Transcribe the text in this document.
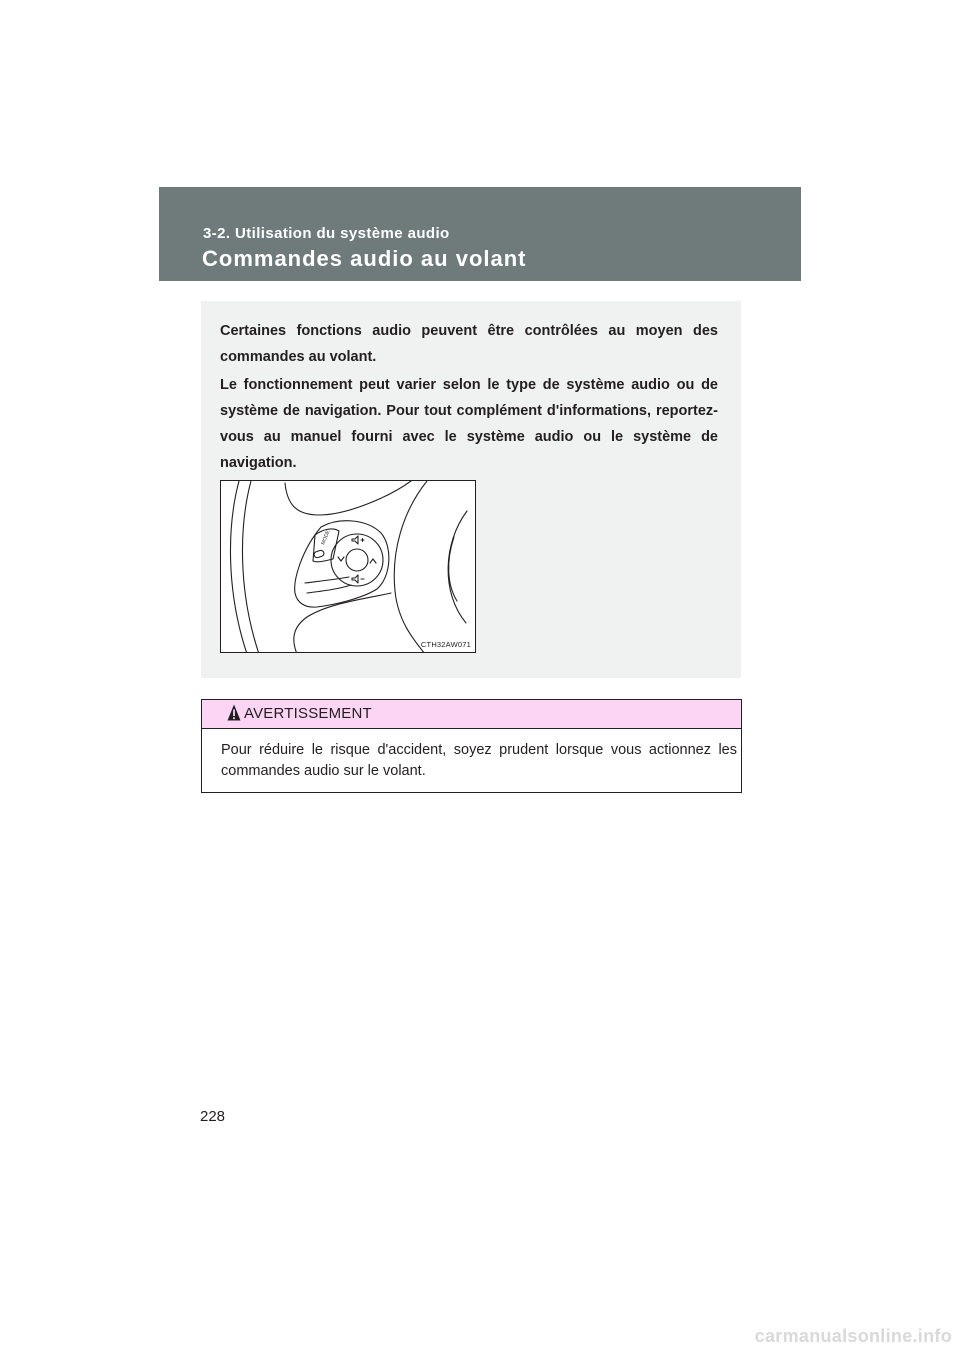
3-2. Utilisation du système audio
Commandes audio au volant

Certaines fonctions audio peuvent être contrôlées au moyen des commandes au volant.

Le fonctionnement peut varier selon le type de système audio ou de système de navigation. Pour tout complément d'informations, reportez-vous au manuel fourni avec le système audio ou le système de navigation.

MODE
CTH32AW071
AVERTISSEMENT

Pour réduire le risque d'accident, soyez prudent lorsque vous actionnez les commandes audio sur le volant.

228
carmanualsonline.info
